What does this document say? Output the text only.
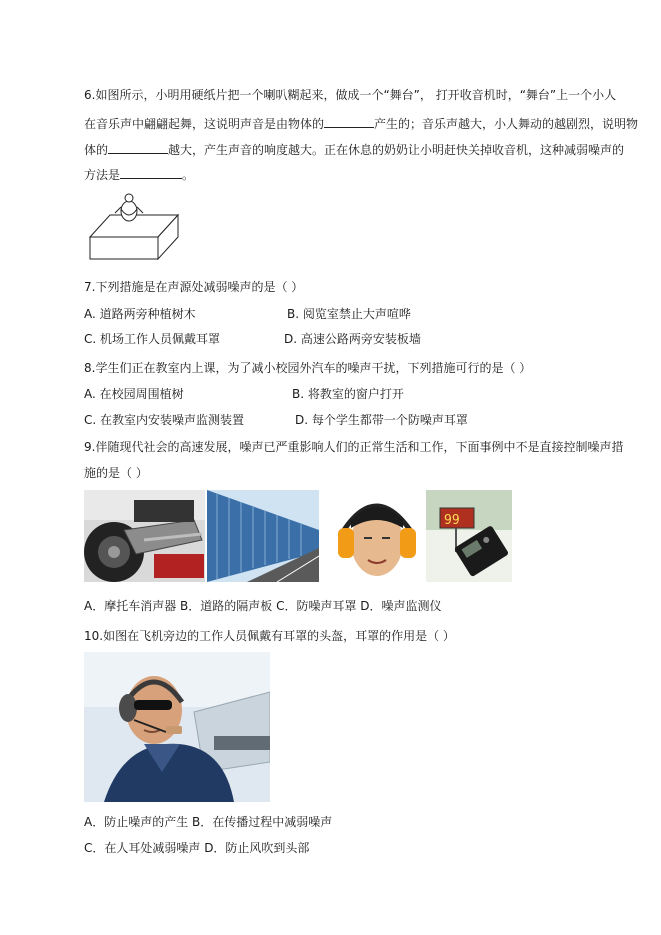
6.如图所示，小明用硬纸片把一个喇叭糊起来，做成一个“舞台”， 打开收音机时，“舞台”上一个小人
在音乐声中翩翩起舞，这说明声音是由物体的	产生的；音乐声越大，小人舞动的越剧烈，说明物
体的	越大，产生声音的响度越大。正在休息的奶奶让小明赶快关掉收音机，这种减弱噪声的
方法是	。
7.下列措施是在声源处减弱噪声的是（ ）
A. 道路两旁种植树木	B. 阅览室禁止大声喧哗
C. 机场工作人员佩戴耳罩	D. 高速公路两旁安装板墙
8.学生们正在教室内上课，为了减小校园外汽车的噪声干扰，下列措施可行的是（ ）
A. 在校园周围植树	B. 将教室的窗户打开
C. 在教室内安装噪声监测装置	D. 每个学生都带一个防噪声耳罩
9.伴随现代社会的高速发展，噪声已严重影响人们的正常生活和工作，下面事例中不是直接控制噪声措
施的是（ ）
99
A．摩托车消声器 B．道路的隔声板 C．防噪声耳罩 D．噪声监测仪
10.如图在飞机旁边的工作人员佩戴有耳罩的头盔，耳罩的作用是（ ）
A．防止噪声的产生 B．在传播过程中减弱噪声
C．在人耳处减弱噪声 D．防止风吹到头部
